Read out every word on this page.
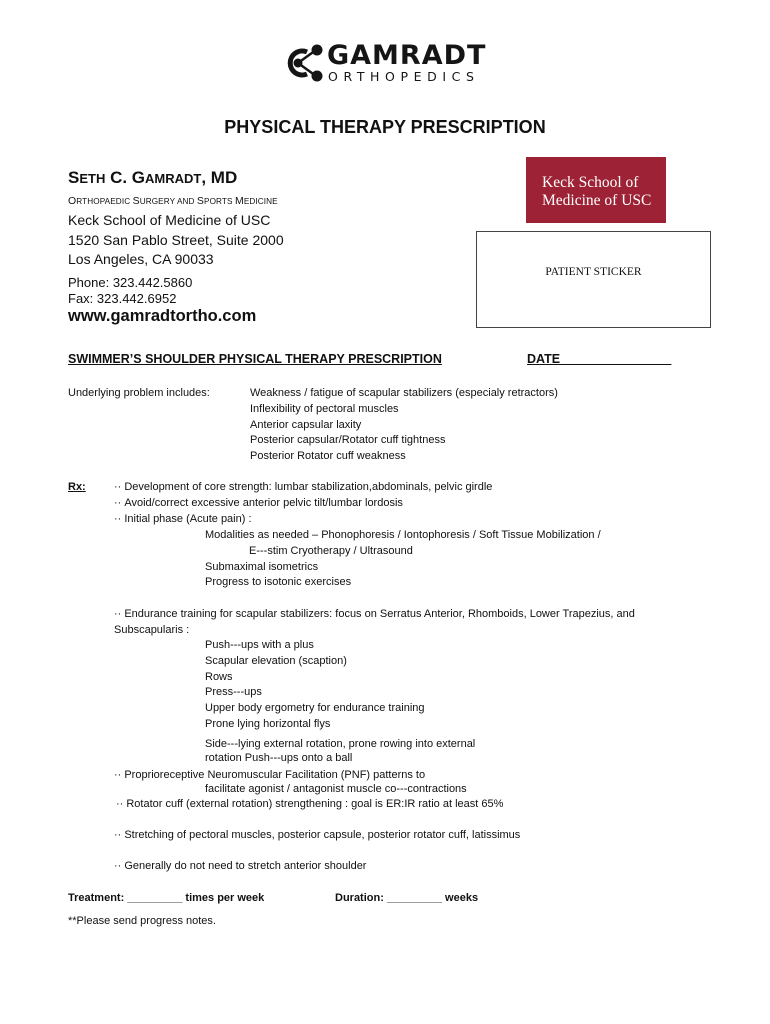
GAMRADT
ORTHOPEDICS
PHYSICAL THERAPY PRESCRIPTION
SETH C. GAMRADT, MD
ORTHOPAEDIC SURGERY AND SPORTS MEDICINE
Keck School of Medicine of USC
1520 San Pablo Street, Suite 2000
Los Angeles, CA 90033
Phone: 323.442.5860
Fax: 323.442.6952
www.gamradtortho.com
Keck School of
Medicine of USC
PATIENT STICKER
SWIMMER’S SHOULDER PHYSICAL THERAPY PRESCRIPTION	DATE________________
Underlying problem includes:	Weakness / fatigue of scapular stabilizers (especialy retractors)
Inflexibility of pectoral muscles
Anterior capsular laxity
Posterior capsular/Rotator cuff tightness
Posterior Rotator cuff weakness
Rx:
··	Development of core strength: lumbar stabilization,abdominals, pelvic girdle
·· Avoid/correct excessive anterior pelvic tilt/lumbar lordosis
·· Initial phase (Acute pain) :
Modalities as needed – Phonophoresis / Iontophoresis / Soft Tissue Mobilization /
E---stim Cryotherapy / Ultrasound
Submaximal isometrics
Progress to isotonic exercises
·· Endurance training for scapular stabilizers: focus on Serratus Anterior, Rhomboids, Lower Trapezius, and
Subscapularis :
Push---ups with a plus
Scapular elevation (scaption)
Rows
Press---ups
Upper body ergometry for endurance training
Prone lying horizontal flys
Side---lying external rotation, prone rowing into external
rotation Push---ups onto a ball
·· Proprioreceptive Neuromuscular Facilitation (PNF) patterns to
facilitate agonist / antagonist muscle co---contractions
·· Rotator cuff (external rotation) strengthening : goal is ER:IR ratio at least 65%
·· Stretching of pectoral muscles, posterior capsule, posterior rotator cuff, latissimus
·· Generally do not need to stretch anterior shoulder
Treatment: _________ times per week	Duration: _________ weeks
**Please send progress notes.
